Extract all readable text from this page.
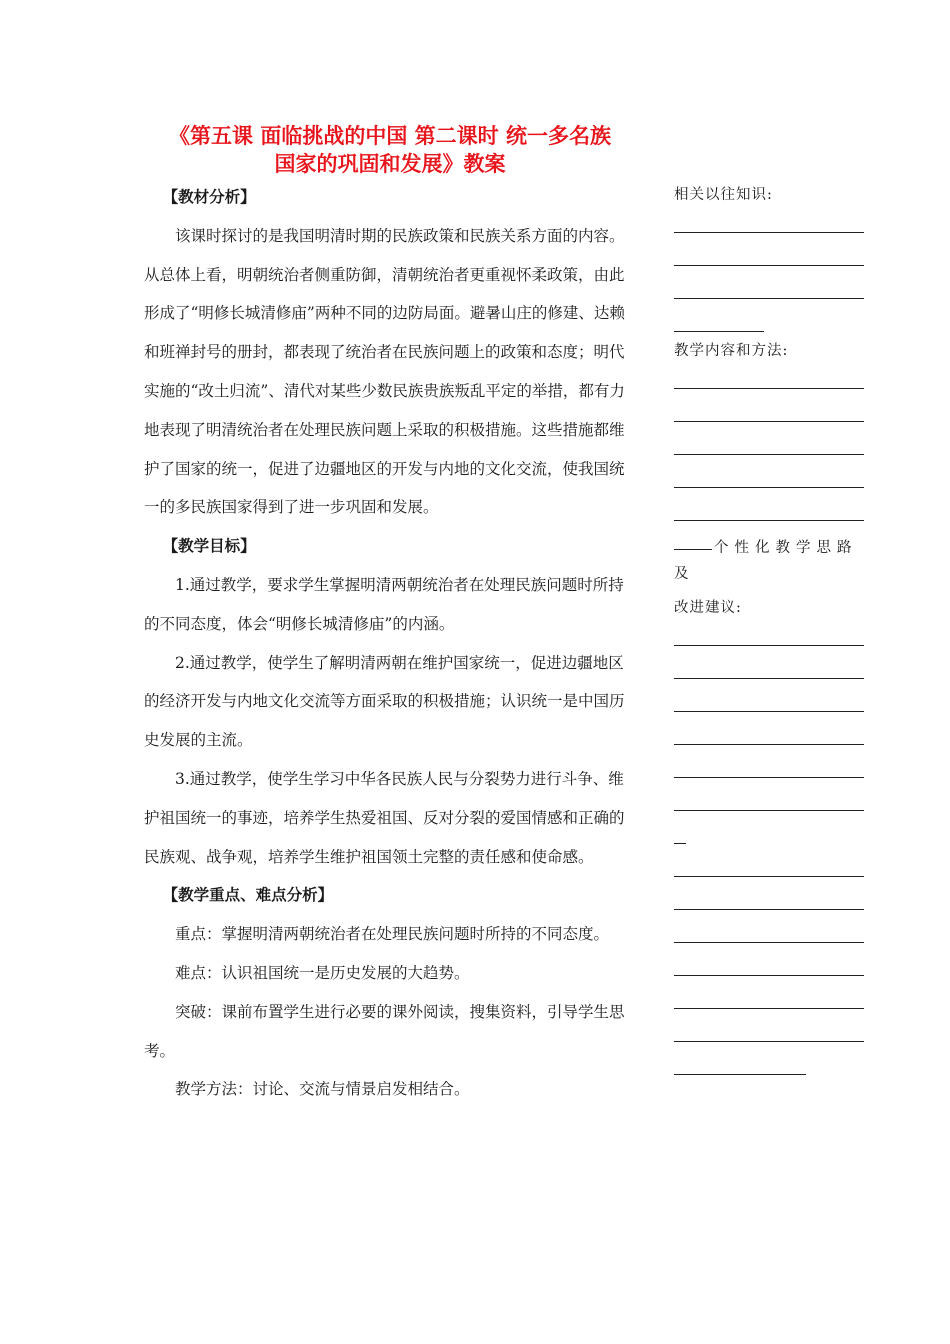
《第五课 面临挑战的中国 第二课时 统一多名族
国家的巩固和发展》教案

【教材分析】

该课时探讨的是我国明清时期的民族政策和民族关系方面的内容。从总体上看，明朝统治者侧重防御，清朝统治者更重视怀柔政策，由此形成了“明修长城清修庙”两种不同的边防局面。避暑山庄的修建、达赖和班禅封号的册封，都表现了统治者在民族问题上的政策和态度；明代实施的“改土归流”、清代对某些少数民族贵族叛乱平定的举措，都有力地表现了明清统治者在处理民族问题上采取的积极措施。这些措施都维护了国家的统一，促进了边疆地区的开发与内地的文化交流，使我国统一的多民族国家得到了进一步巩固和发展。

【教学目标】

1.通过教学，要求学生掌握明清两朝统治者在处理民族问题时所持的不同态度，体会“明修长城清修庙”的内涵。

2.通过教学，使学生了解明清两朝在维护国家统一，促进边疆地区的经济开发与内地文化交流等方面采取的积极措施；认识统一是中国历史发展的主流。

3.通过教学，使学生学习中华各民族人民与分裂势力进行斗争、维护祖国统一的事迹，培养学生热爱祖国、反对分裂的爱国情感和正确的民族观、战争观，培养学生维护祖国领土完整的责任感和使命感。

【教学重点、难点分析】

重点：掌握明清两朝统治者在处理民族问题时所持的不同态度。

难点：认识祖国统一是历史发展的大趋势。

突破：课前布置学生进行必要的课外阅读，搜集资料，引导学生思考。

教学方法：讨论、交流与情景启发相结合。

相关以往知识:
教学内容和方法:
个性化教学思路及
改进建议:
